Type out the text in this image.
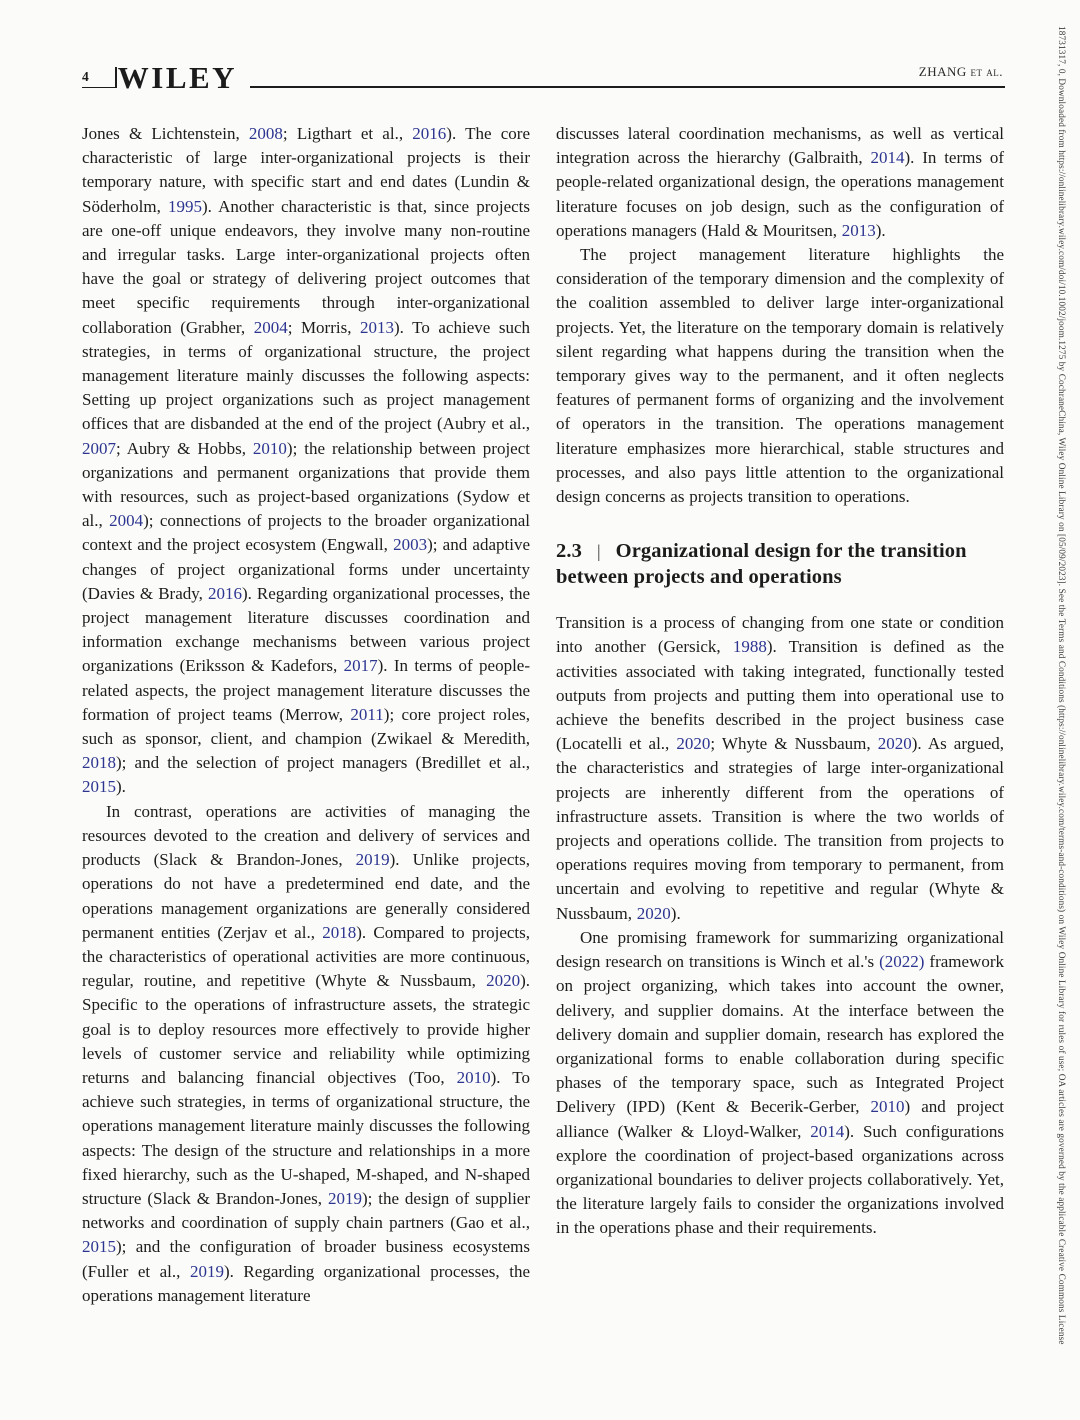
18731317, 0, Downloaded from https://onlinelibrary.wiley.com/doi/10.1002/joom.1275 by CochraneChina, Wiley Online Library on [05/09/2023]. See the Terms and Conditions (https://onlinelibrary.wiley.com/terms-and-conditions) on Wiley Online Library for rules of use; OA articles are governed by the applicable Creative Commons License
4 WILEY	ZHANG et al.

Jones & Lichtenstein, 2008; Ligthart et al., 2016). The core characteristic of large inter-organizational projects is their temporary nature, with specific start and end dates (Lundin & Söderholm, 1995). Another characteristic is that, since projects are one-off unique endeavors, they involve many non-routine and irregular tasks. Large inter-organizational projects often have the goal or strategy of delivering project outcomes that meet specific requirements through inter-organizational collaboration (Grabher, 2004; Morris, 2013). To achieve such strategies, in terms of organizational structure, the project management literature mainly discusses the following aspects: Setting up project organizations such as project management offices that are disbanded at the end of the project (Aubry et al., 2007; Aubry & Hobbs, 2010); the relationship between project organizations and permanent organizations that provide them with resources, such as project-based organizations (Sydow et al., 2004); connections of projects to the broader organizational context and the project ecosystem (Engwall, 2003); and adaptive changes of project organizational forms under uncertainty (Davies & Brady, 2016). Regarding organizational processes, the project management literature discusses coordination and information exchange mechanisms between various project organizations (Eriksson & Kadefors, 2017). In terms of people-related aspects, the project management literature discusses the formation of project teams (Merrow, 2011); core project roles, such as sponsor, client, and champion (Zwikael & Meredith, 2018); and the selection of project managers (Bredillet et al., 2015).

In contrast, operations are activities of managing the resources devoted to the creation and delivery of services and products (Slack & Brandon-Jones, 2019). Unlike projects, operations do not have a predetermined end date, and the operations management organizations are generally considered permanent entities (Zerjav et al., 2018). Compared to projects, the characteristics of operational activities are more continuous, regular, routine, and repetitive (Whyte & Nussbaum, 2020). Specific to the operations of infrastructure assets, the strategic goal is to deploy resources more effectively to provide higher levels of customer service and reliability while optimizing returns and balancing financial objectives (Too, 2010). To achieve such strategies, in terms of organizational structure, the operations management literature mainly discusses the following aspects: The design of the structure and relationships in a more fixed hierarchy, such as the U-shaped, M-shaped, and N-shaped structure (Slack & Brandon-Jones, 2019); the design of supplier networks and coordination of supply chain partners (Gao et al., 2015); and the configuration of broader business ecosystems (Fuller et al., 2019). Regarding organizational processes, the operations management literature

discusses lateral coordination mechanisms, as well as vertical integration across the hierarchy (Galbraith, 2014). In terms of people-related organizational design, the operations management literature focuses on job design, such as the configuration of operations managers (Hald & Mouritsen, 2013).

The project management literature highlights the consideration of the temporary dimension and the complexity of the coalition assembled to deliver large inter-organizational projects. Yet, the literature on the temporary domain is relatively silent regarding what happens during the transition when the temporary gives way to the permanent, and it often neglects features of permanent forms of organizing and the involvement of operators in the transition. The operations management literature emphasizes more hierarchical, stable structures and processes, and also pays little attention to the organizational design concerns as projects transition to operations.

2.3 | Organizational design for the transition between projects and operations

Transition is a process of changing from one state or condition into another (Gersick, 1988). Transition is defined as the activities associated with taking integrated, functionally tested outputs from projects and putting them into operational use to achieve the benefits described in the project business case (Locatelli et al., 2020; Whyte & Nussbaum, 2020). As argued, the characteristics and strategies of large inter-organizational projects are inherently different from the operations of infrastructure assets. Transition is where the two worlds of projects and operations collide. The transition from projects to operations requires moving from temporary to permanent, from uncertain and evolving to repetitive and regular (Whyte & Nussbaum, 2020).

One promising framework for summarizing organizational design research on transitions is Winch et al.'s (2022) framework on project organizing, which takes into account the owner, delivery, and supplier domains. At the interface between the delivery domain and supplier domain, research has explored the organizational forms to enable collaboration during specific phases of the temporary space, such as Integrated Project Delivery (IPD) (Kent & Becerik-Gerber, 2010) and project alliance (Walker & Lloyd-Walker, 2014). Such configurations explore the coordination of project-based organizations across organizational boundaries to deliver projects collaboratively. Yet, the literature largely fails to consider the organizations involved in the operations phase and their requirements.
